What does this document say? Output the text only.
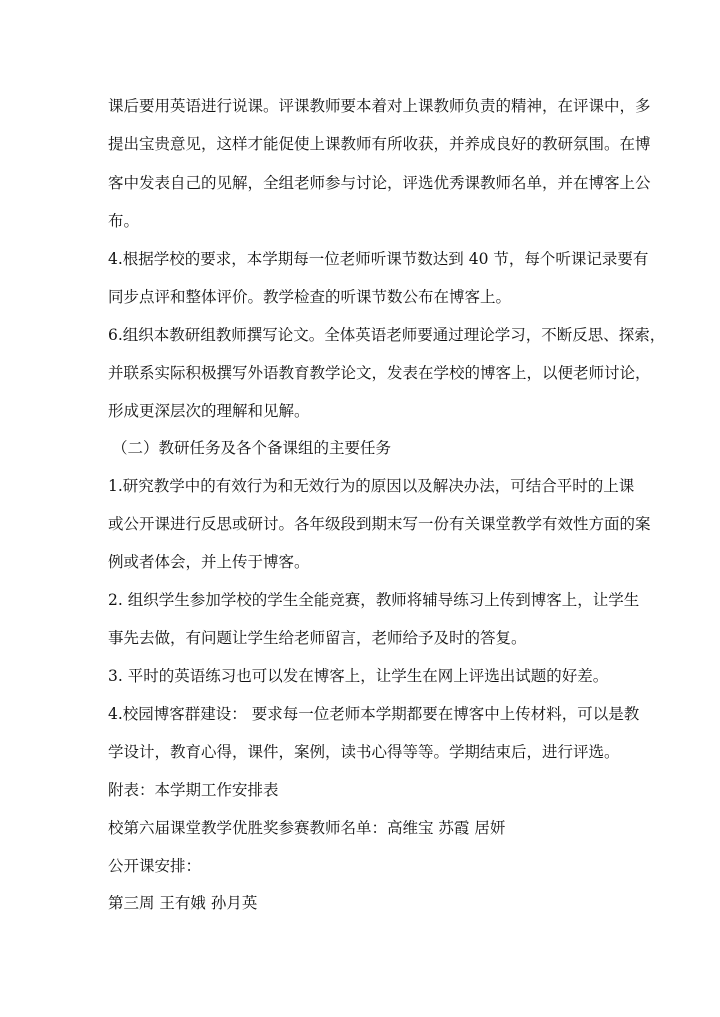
课后要用英语进行说课。评课教师要本着对上课教师负责的精神，在评课中，多
提出宝贵意见，这样才能促使上课教师有所收获，并养成良好的教研氛围。在博
客中发表自己的见解，全组老师参与讨论，评选优秀课教师名单，并在博客上公
布。
4.根据学校的要求，本学期每一位老师听课节数达到 40 节，每个听课记录要有
同步点评和整体评价。教学检查的听课节数公布在博客上。
6.组织本教研组教师撰写论文。全体英语老师要通过理论学习，不断反思、探索，
并联系实际积极撰写外语教育教学论文，发表在学校的博客上，以便老师讨论，
形成更深层次的理解和见解。
（二）教研任务及各个备课组的主要任务
1.研究教学中的有效行为和无效行为的原因以及解决办法，可结合平时的上课
或公开课进行反思或研讨。各年级段到期末写一份有关课堂教学有效性方面的案
例或者体会，并上传于博客。
2. 组织学生参加学校的学生全能竞赛，教师将辅导练习上传到博客上，让学生
事先去做，有问题让学生给老师留言，老师给予及时的答复。
3. 平时的英语练习也可以发在博客上，让学生在网上评选出试题的好差。
4.校园博客群建设： 要求每一位老师本学期都要在博客中上传材料，可以是教
学设计，教育心得，课件，案例，读书心得等等。学期结束后，进行评选。
附表：本学期工作安排表
校第六届课堂教学优胜奖参赛教师名单：高维宝 苏霞 居妍
公开课安排：
第三周 王有娥 孙月英
